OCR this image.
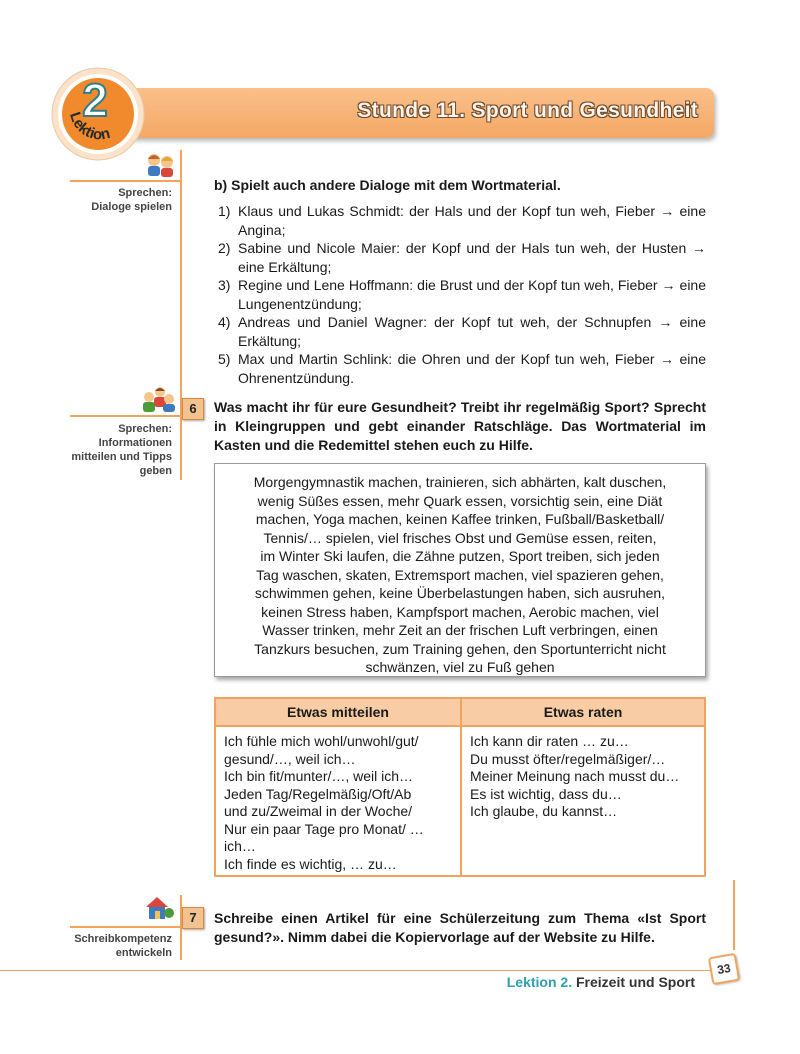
Stunde 11. Sport und Gesundheit
2
Lektion
Sprechen:
Dialoge spielen
b) Spielt auch andere Dialoge mit dem Wortmaterial.
1) Klaus und Lukas Schmidt: der Hals und der Kopf tun weh, Fieber → eine Angina;
2) Sabine und Nicole Maier: der Kopf und der Hals tun weh, der Husten → eine Erkältung;
3) Regine und Lene Hoffmann: die Brust und der Kopf tun weh, Fieber → eine Lungenentzündung;
4) Andreas und Daniel Wagner: der Kopf tut weh, der Schnupfen → eine Erkältung;
5) Max und Martin Schlink: die Ohren und der Kopf tun weh, Fieber → eine Ohrenentzündung.
6
Sprechen:
Informationen
mitteilen und Tipps
geben
Was macht ihr für eure Gesundheit? Treibt ihr regelmäßig Sport? Sprecht in Kleingruppen und gebt einander Ratschläge. Das Wortmaterial im Kasten und die Redemittel stehen euch zu Hilfe.
Morgengymnastik machen, trainieren, sich abhärten, kalt duschen,
wenig Süßes essen, mehr Quark essen, vorsichtig sein, eine Diät
machen, Yoga machen, keinen Kaffee trinken, Fußball/Basketball/
Tennis/… spielen, viel frisches Obst und Gemüse essen, reiten,
im Winter Ski laufen, die Zähne putzen, Sport treiben, sich jeden
Tag waschen, skaten, Extremsport machen, viel spazieren gehen,
schwimmen gehen, keine Überbelastungen haben, sich ausruhen,
keinen Stress haben, Kampfsport machen, Aerobic machen, viel
Wasser trinken, mehr Zeit an der frischen Luft verbringen, einen
Tanzkurs besuchen, zum Training gehen, den Sportunterricht nicht
schwänzen, viel zu Fuß gehen
Etwas mitteilen	Etwas raten
Ich fühle mich wohl/unwohl/gut/
gesund/…, weil ich…
Ich bin fit/munter/…, weil ich…
Jeden Tag/Regelmäßig/Oft/Ab
und zu/Zweimal in der Woche/
Nur ein paar Tage pro Monat/ …
ich…
Ich finde es wichtig, … zu…
Ich kann dir raten … zu…
Du musst öfter/regelmäßiger/…
Meiner Meinung nach musst du…
Es ist wichtig, dass du…
Ich glaube, du kannst…
7
Schreibkompetenz
entwickeln
Schreibe einen Artikel für eine Schülerzeitung zum Thema «Ist Sport gesund?». Nimm dabei die Kopiervorlage auf der Website zu Hilfe.
33
Lektion 2. Freizeit und Sport
